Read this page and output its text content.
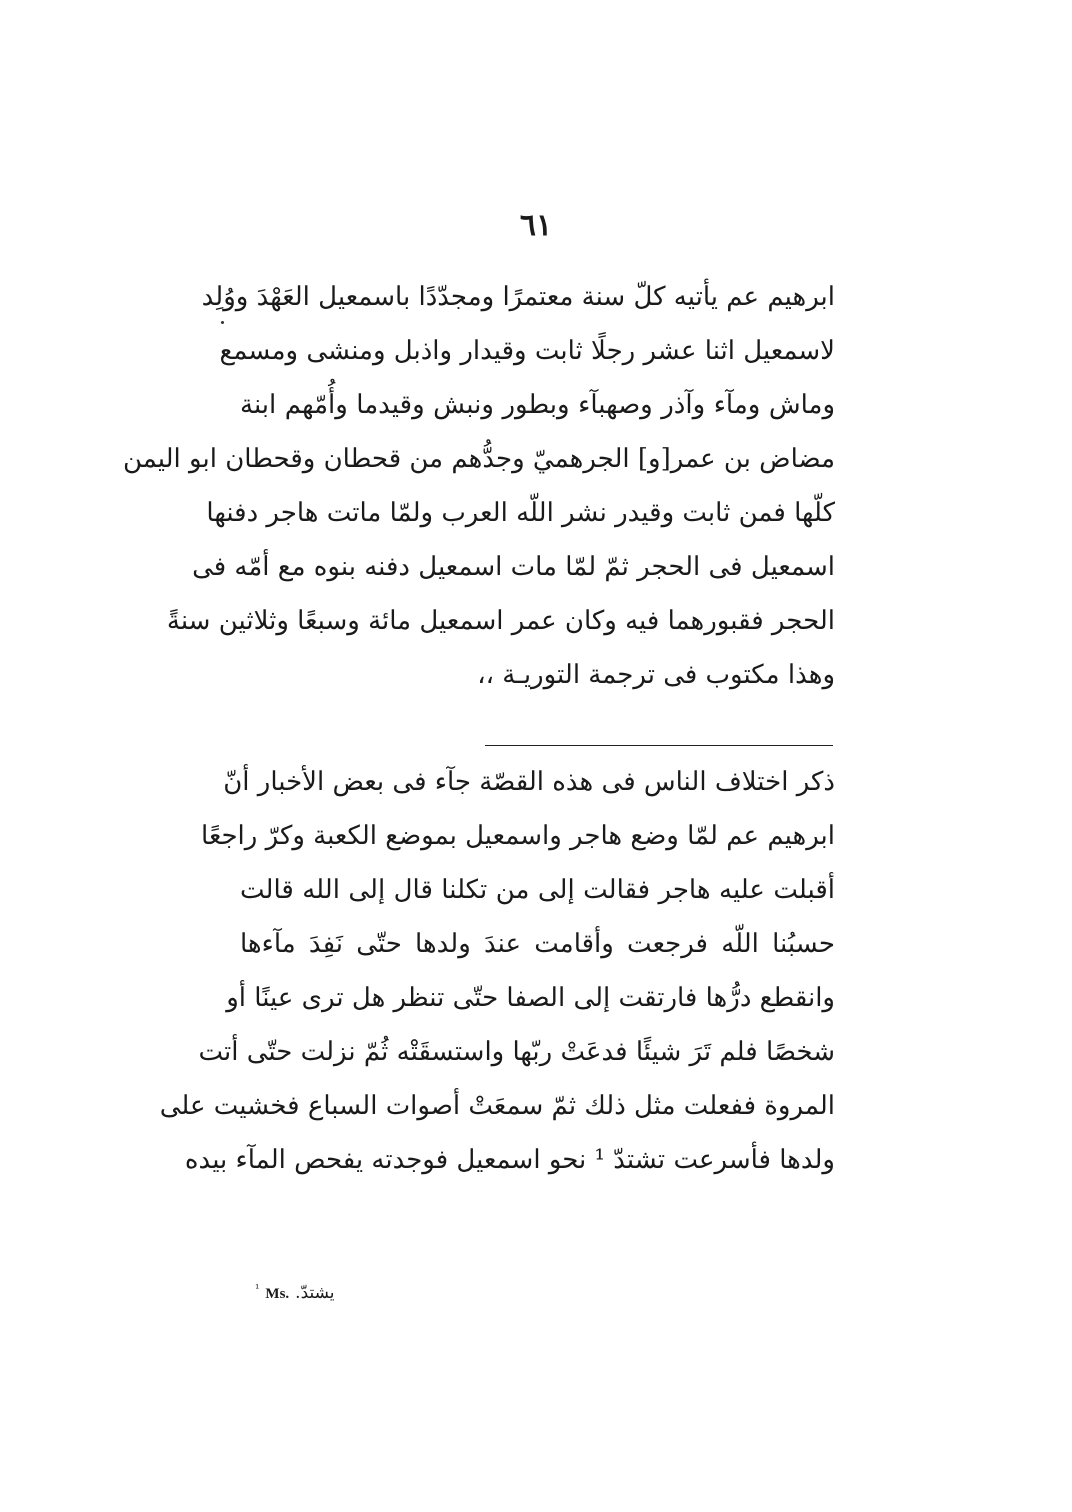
٦١
ابرهيم عم يأتيه كلّ سنة معتمرًا ومجدّدًا باسمعيل العَهْدَ ووُلِد
لاسمعيل اثنا عشر رجلًا ثابت وقيدار واذبل ومنشى ومسمع
وماش ومآء وآذر وصهبآء وبطور ونبش وقيدما وأُمّهم ابنة
مضاض بن عمر[و] الجرهميّ وجدُّهم من قحطان وقحطان ابو اليمن
كلّها فمن ثابت وقيدر نشر اللّه العرب ولمّا ماتت هاجر دفنها
اسمعيل فى الحجر ثمّ لمّا مات اسمعيل دفنه بنوه مع أمّه فى
الحجر فقبورهما فيه وكان عمر اسمعيل مائة وسبعًا وثلاثين سنةً
وهذا مكتوب فى ترجمة التوريـة ،،
ذكر اختلاف الناس فى هذه القصّة جآء فى بعض الأخبار أنّ
ابرهيم عم لمّا وضع هاجر واسمعيل بموضع الكعبة وكرّ راجعًا
أقبلت عليه هاجر فقالت إلى من تكلنا قال إلى الله قالت
حسبُنا اللّه فرجعت وأقامت عندَ ولدها حتّى نَفِدَ مآءها
وانقطع درُّها فارتقت إلى الصفا حتّى تنظر هل ترى عينًا أو
شخصًا فلم تَرَ شيئًا فدعَتْ ربّها واستسقَتْه ثُمّ نزلت حتّى أتت
المروة ففعلت مثل ذلك ثمّ سمعَتْ أصوات السباع فخشيت على
ولدها فأسرعت تشتدّ ¹ نحو اسمعيل فوجدته يفحص المآء بيده
$^{^1}$ Ms. يشتدّ.
